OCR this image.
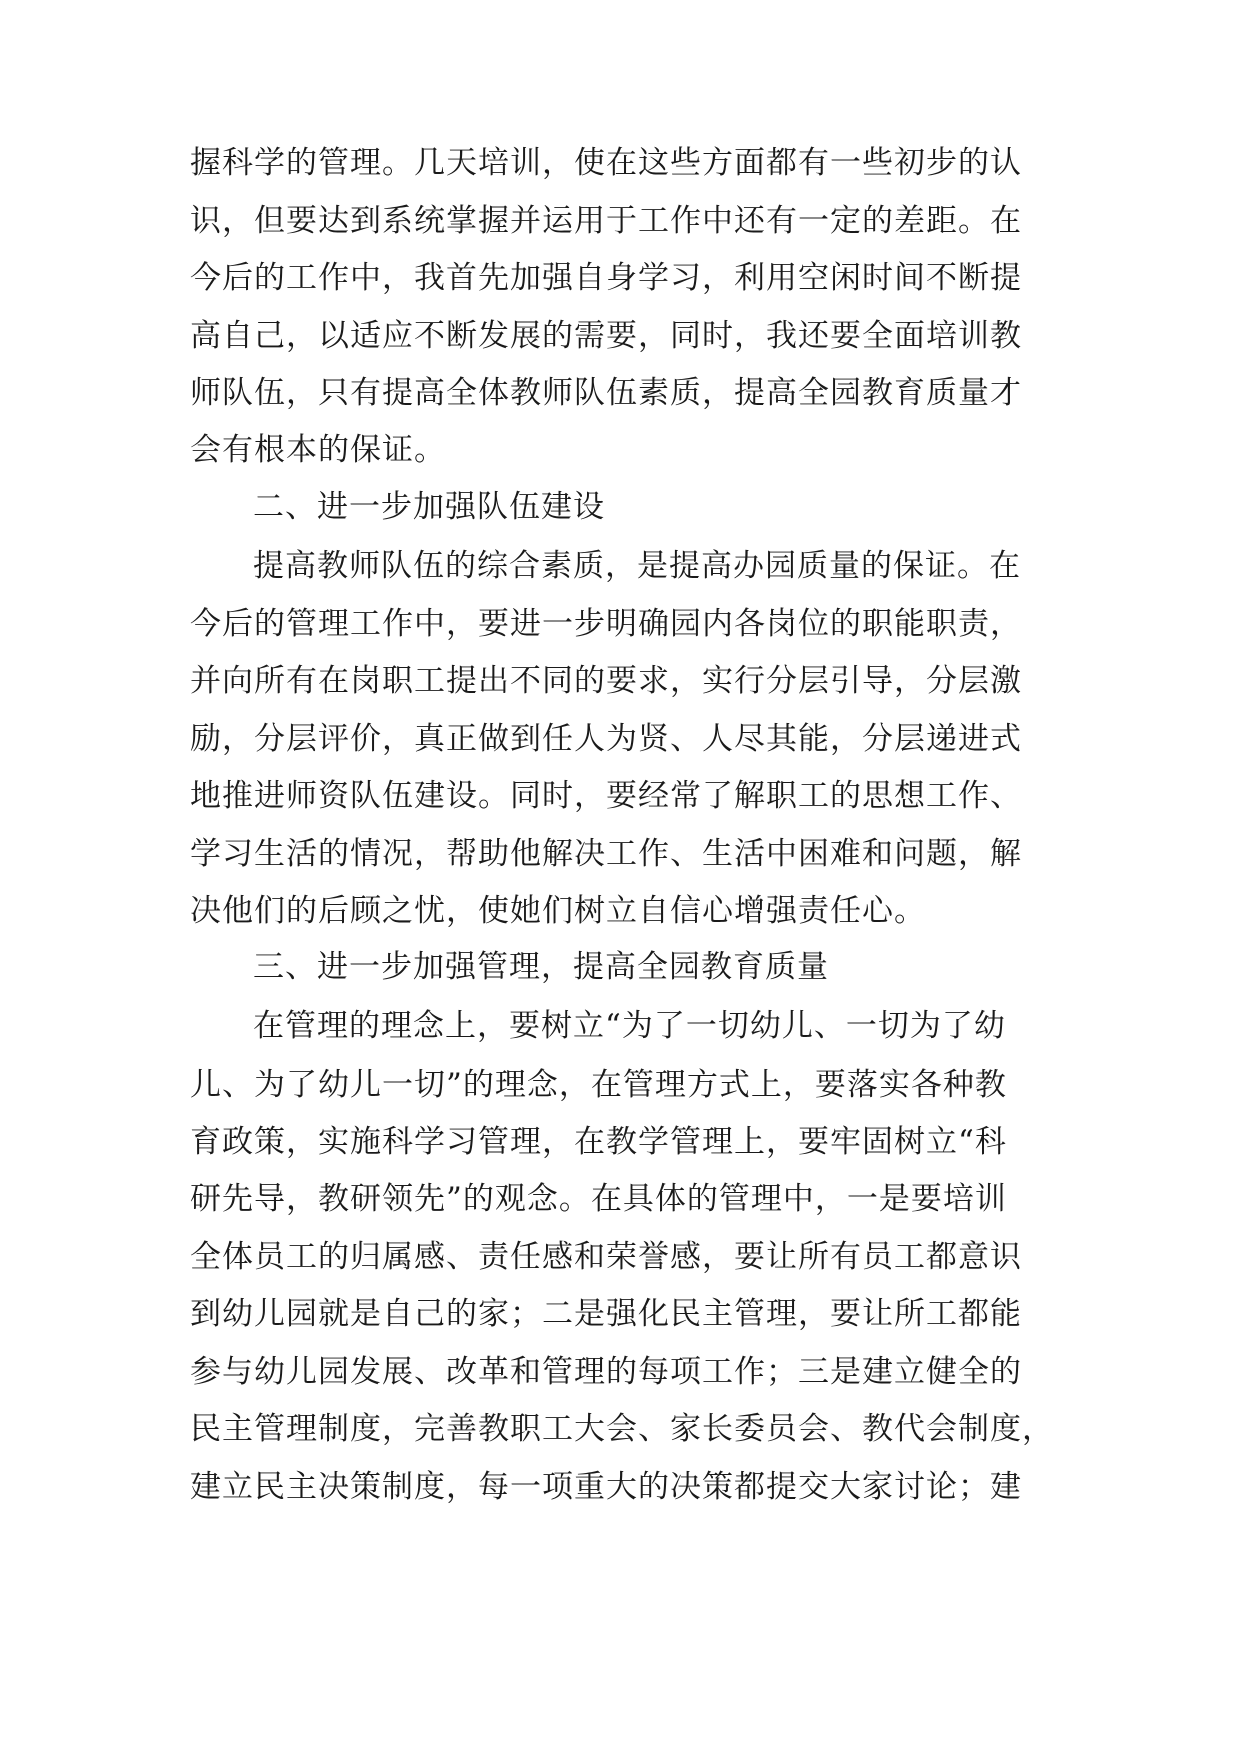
握科学的管理。几天培训，使在这些方面都有一些初步的认
识，但要达到系统掌握并运用于工作中还有一定的差距。在
今后的工作中，我首先加强自身学习，利用空闲时间不断提
高自己，以适应不断发展的需要，同时，我还要全面培训教
师队伍，只有提高全体教师队伍素质，提高全园教育质量才
会有根本的保证。
二、进一步加强队伍建设
提高教师队伍的综合素质，是提高办园质量的保证。在
今后的管理工作中，要进一步明确园内各岗位的职能职责，
并向所有在岗职工提出不同的要求，实行分层引导，分层激
励，分层评价，真正做到任人为贤、人尽其能，分层递进式
地推进师资队伍建设。同时，要经常了解职工的思想工作、
学习生活的情况，帮助他解决工作、生活中困难和问题，解
决他们的后顾之忧，使她们树立自信心增强责任心。
三、进一步加强管理，提高全园教育质量
在管理的理念上，要树立“为了一切幼儿、一切为了幼
儿、为了幼儿一切”的理念，在管理方式上，要落实各种教
育政策，实施科学习管理，在教学管理上，要牢固树立“科
研先导，教研领先”的观念。在具体的管理中，一是要培训
全体员工的归属感、责任感和荣誉感，要让所有员工都意识
到幼儿园就是自己的家；二是强化民主管理，要让所工都能
参与幼儿园发展、改革和管理的每项工作；三是建立健全的
民主管理制度，完善教职工大会、家长委员会、教代会制度，
建立民主决策制度，每一项重大的决策都提交大家讨论；建
